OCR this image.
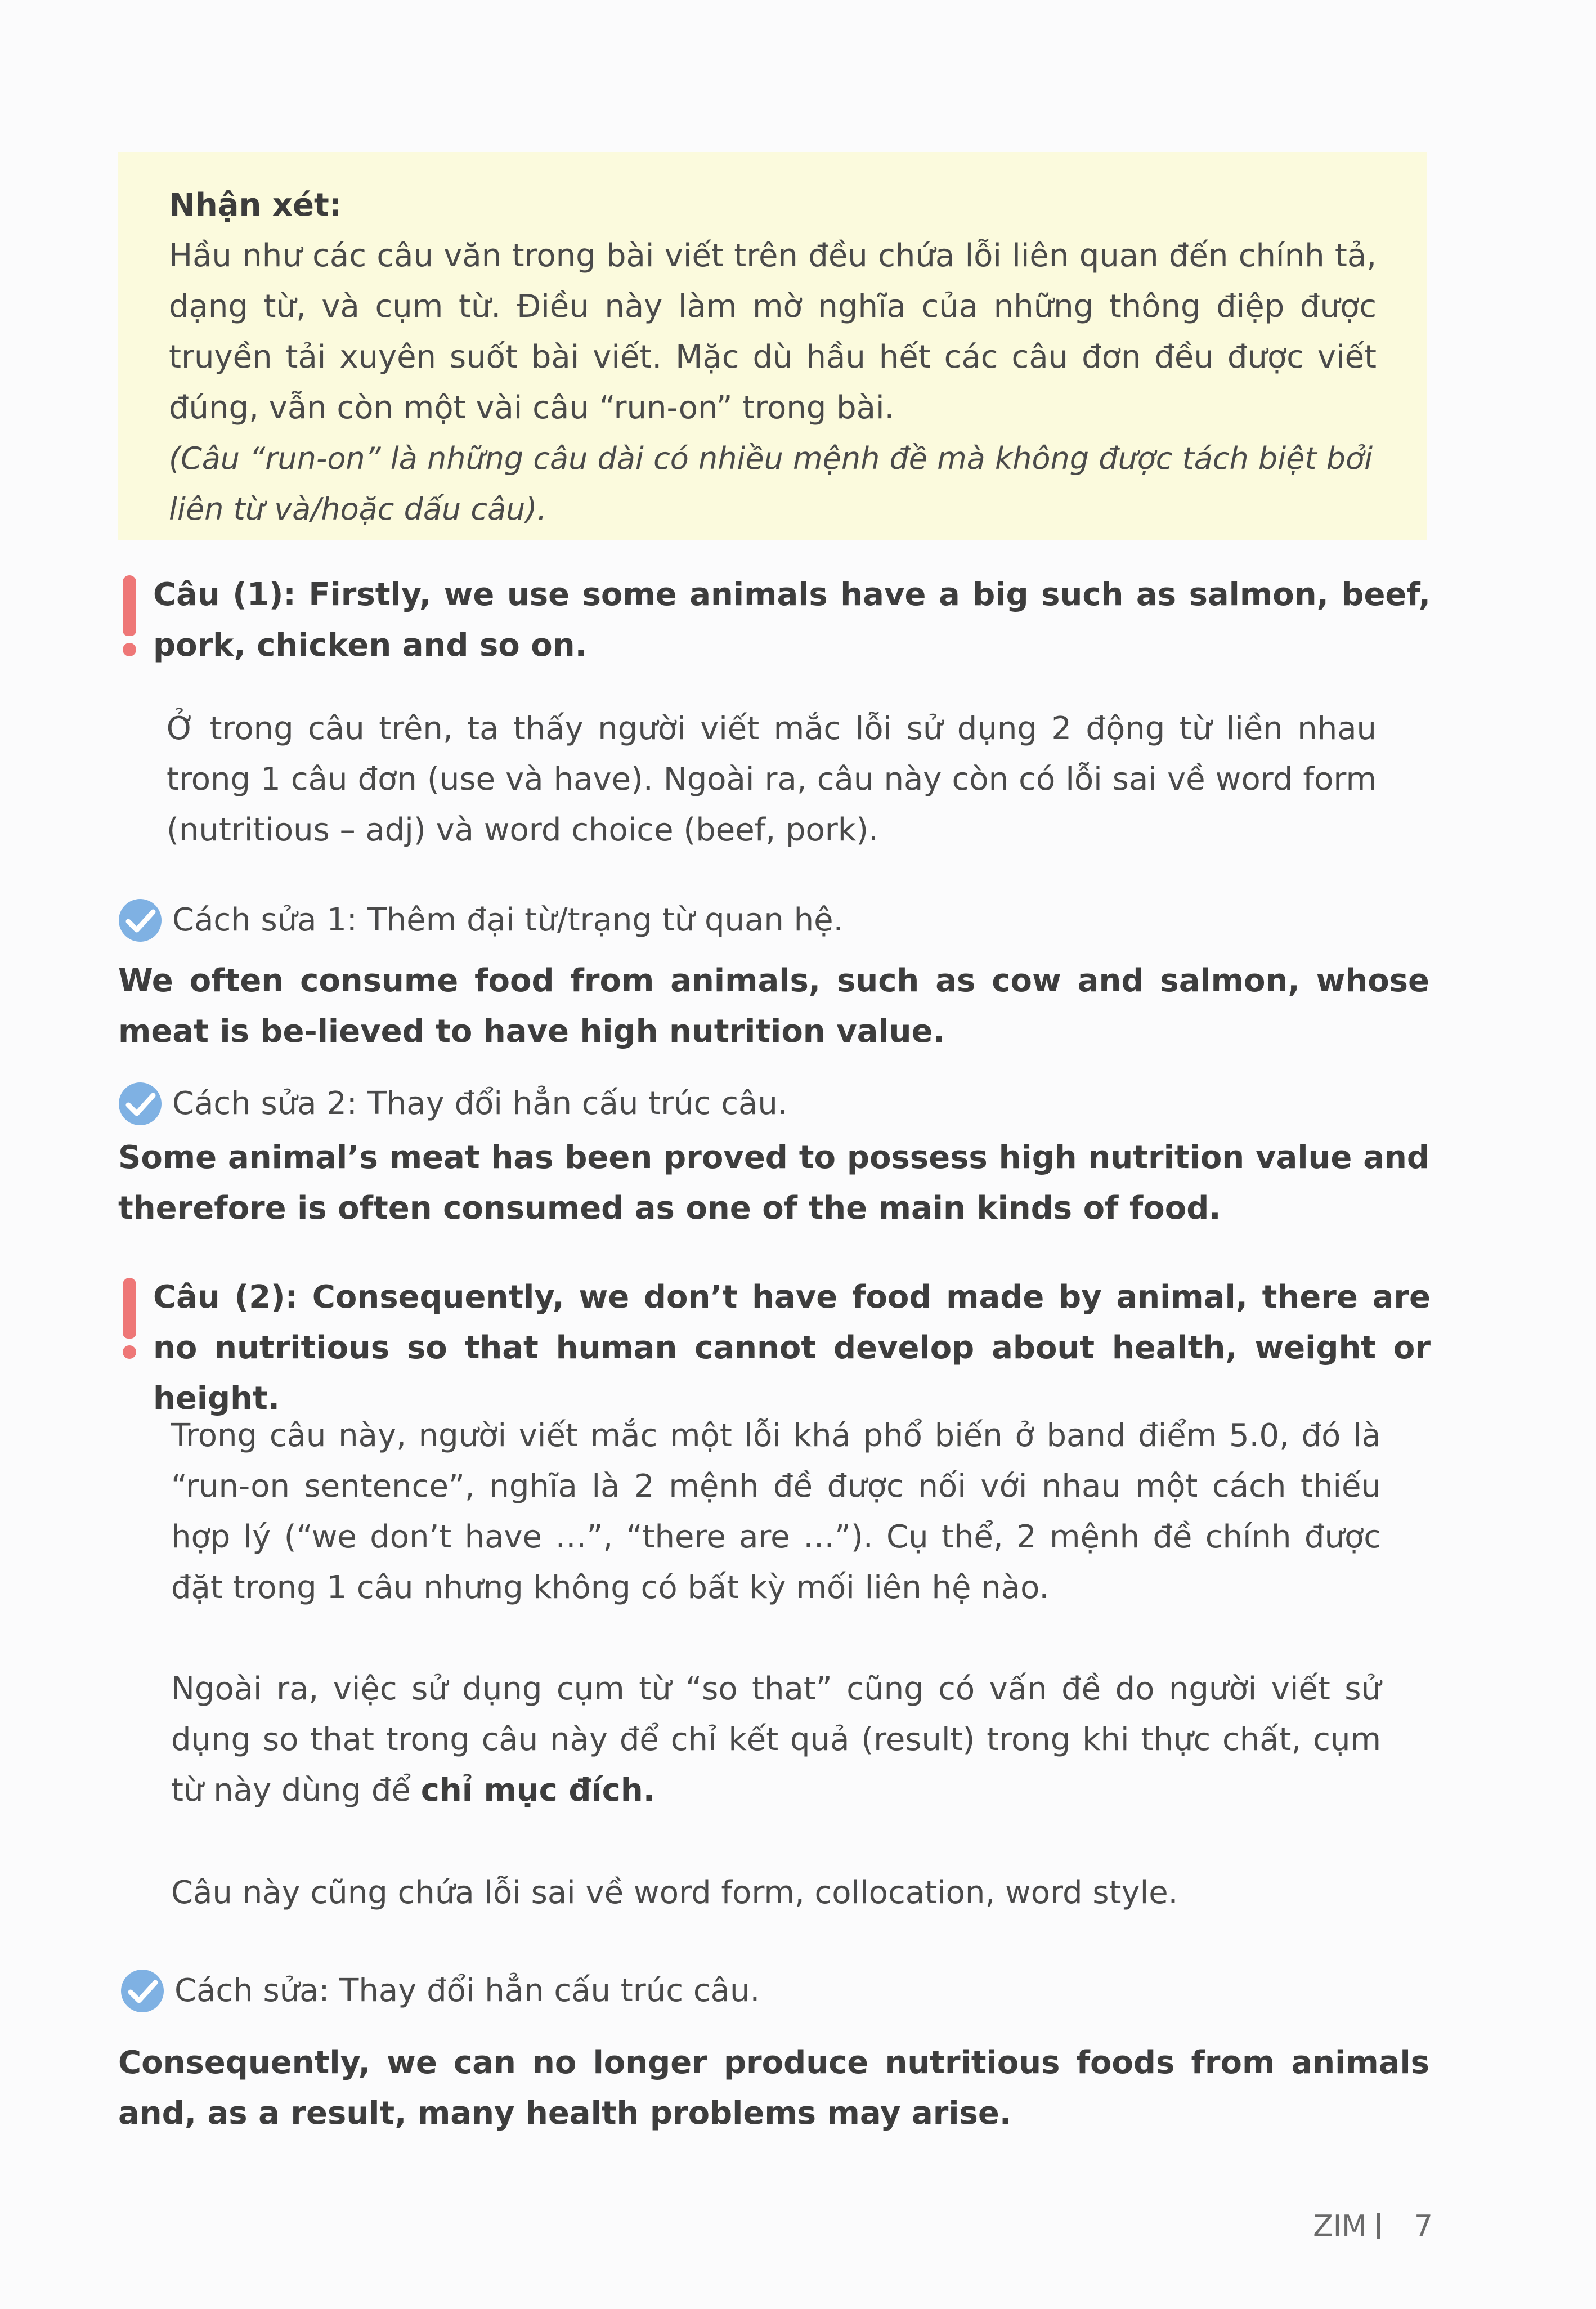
Nhận xét:
Hầu như các câu văn trong bài viết trên đều chứa lỗi liên quan đến chính tả, dạng từ, và cụm từ. Điều này làm mờ nghĩa của những thông điệp được truyền tải xuyên suốt bài viết. Mặc dù hầu hết các câu đơn đều được viết đúng, vẫn còn một vài câu “run-on” trong bài.
(Câu “run-on” là những câu dài có nhiều mệnh đề mà không được tách biệt bởi liên từ và/hoặc dấu câu).
Câu (1): Firstly, we use some animals have a big such as salmon, beef, pork, chicken and so on.
Ở trong câu trên, ta thấy người viết mắc lỗi sử dụng 2 động từ liền nhau trong 1 câu đơn (use và have). Ngoài ra, câu này còn có lỗi sai về word form (nutritious – adj) và word choice (beef, pork).
Cách sửa 1: Thêm đại từ/trạng từ quan hệ.
We often consume food from animals, such as cow and salmon, whose meat is be-lieved to have high nutrition value.
Cách sửa 2: Thay đổi hẳn cấu trúc câu.
Some animal’s meat has been proved to possess high nutrition value and therefore is often consumed as one of the main kinds of food.
Câu (2): Consequently, we don’t have food made by animal, there are no nutritious so that human cannot develop about health, weight or height.
Trong câu này, người viết mắc một lỗi khá phổ biến ở band điểm 5.0, đó là “run-on sentence”, nghĩa là 2 mệnh đề được nối với nhau một cách thiếu hợp lý (“we don’t have …”, “there are …”). Cụ thể, 2 mệnh đề chính được đặt trong 1 câu nhưng không có bất kỳ mối liên hệ nào.
Ngoài ra, việc sử dụng cụm từ “so that” cũng có vấn đề do người viết sử dụng so that trong câu này để chỉ kết quả (result) trong khi thực chất, cụm từ này dùng để chỉ mục đích.
Câu này cũng chứa lỗi sai về word form, collocation, word style.
Cách sửa: Thay đổi hẳn cấu trúc câu.
Consequently, we can no longer produce nutritious foods from animals and, as a result, many health problems may arise.
ZIM 7
